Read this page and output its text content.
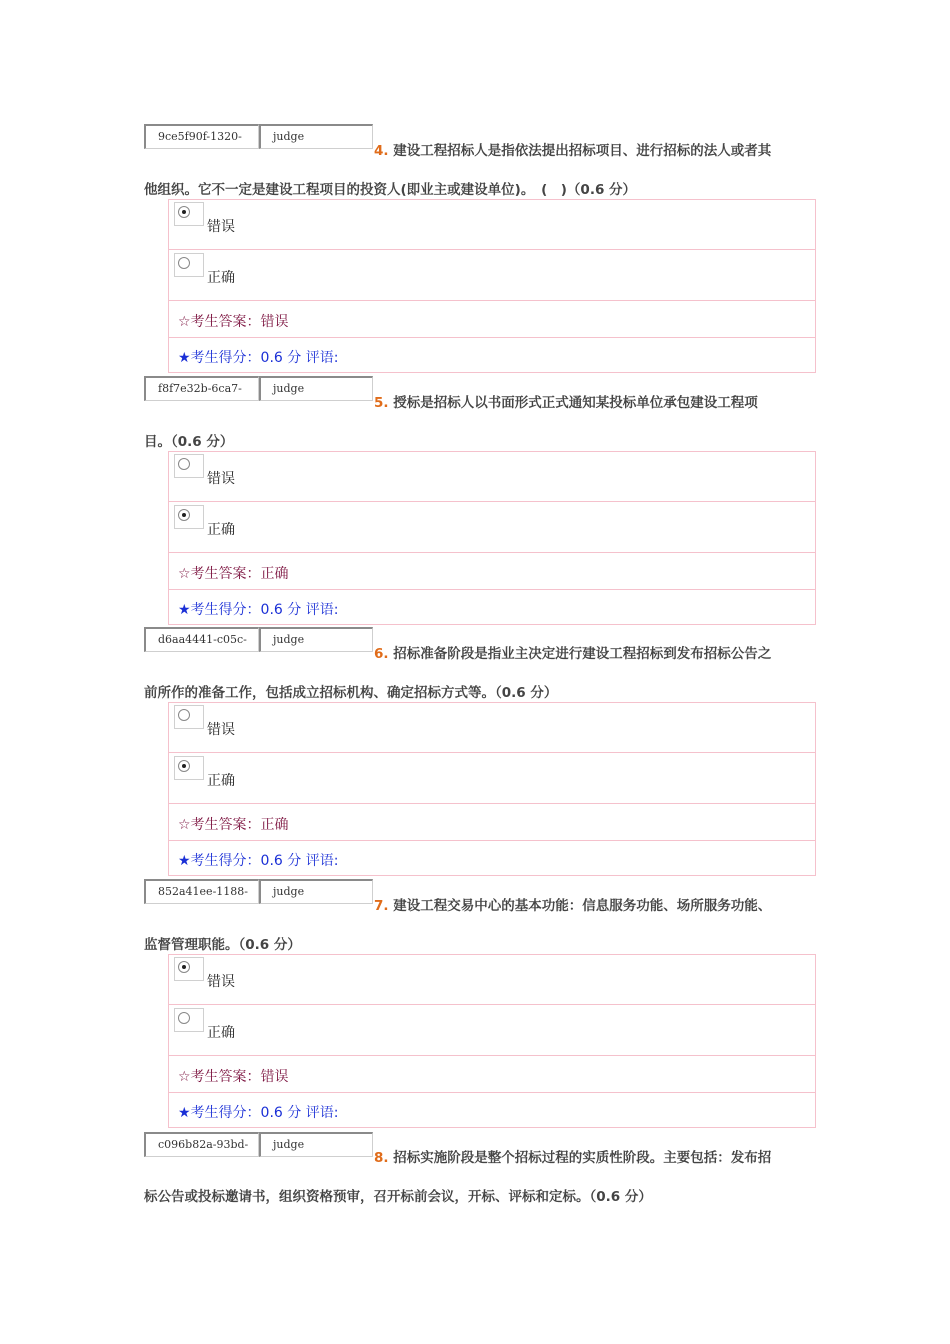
9ce5f90f-1320-	judge
4. 建设工程招标人是指依法提出招标项目、进行招标的法人或者其
他组织。它不一定是建设工程项目的投资人(即业主或建设单位)。　(　)（0.6 分）
错误
正确
☆考生答案：错误
★考生得分：0.6 分 评语:
f8f7e32b-6ca7-	judge
5. 授标是招标人以书面形式正式通知某投标单位承包建设工程项
目。（0.6 分）
错误
正确
☆考生答案：正确
★考生得分：0.6 分 评语:
d6aa4441-c05c-	judge
6. 招标准备阶段是指业主决定进行建设工程招标到发布招标公告之
前所作的准备工作，包括成立招标机构、确定招标方式等。（0.6 分）
错误
正确
☆考生答案：正确
★考生得分：0.6 分 评语:
852a41ee-1188-	judge
7. 建设工程交易中心的基本功能：信息服务功能、场所服务功能、
监督管理职能。（0.6 分）
错误
正确
☆考生答案：错误
★考生得分：0.6 分 评语:
c096b82a-93bd-	judge
8. 招标实施阶段是整个招标过程的实质性阶段。主要包括：发布招
标公告或投标邀请书，组织资格预审，召开标前会议，开标、评标和定标。（0.6 分）
